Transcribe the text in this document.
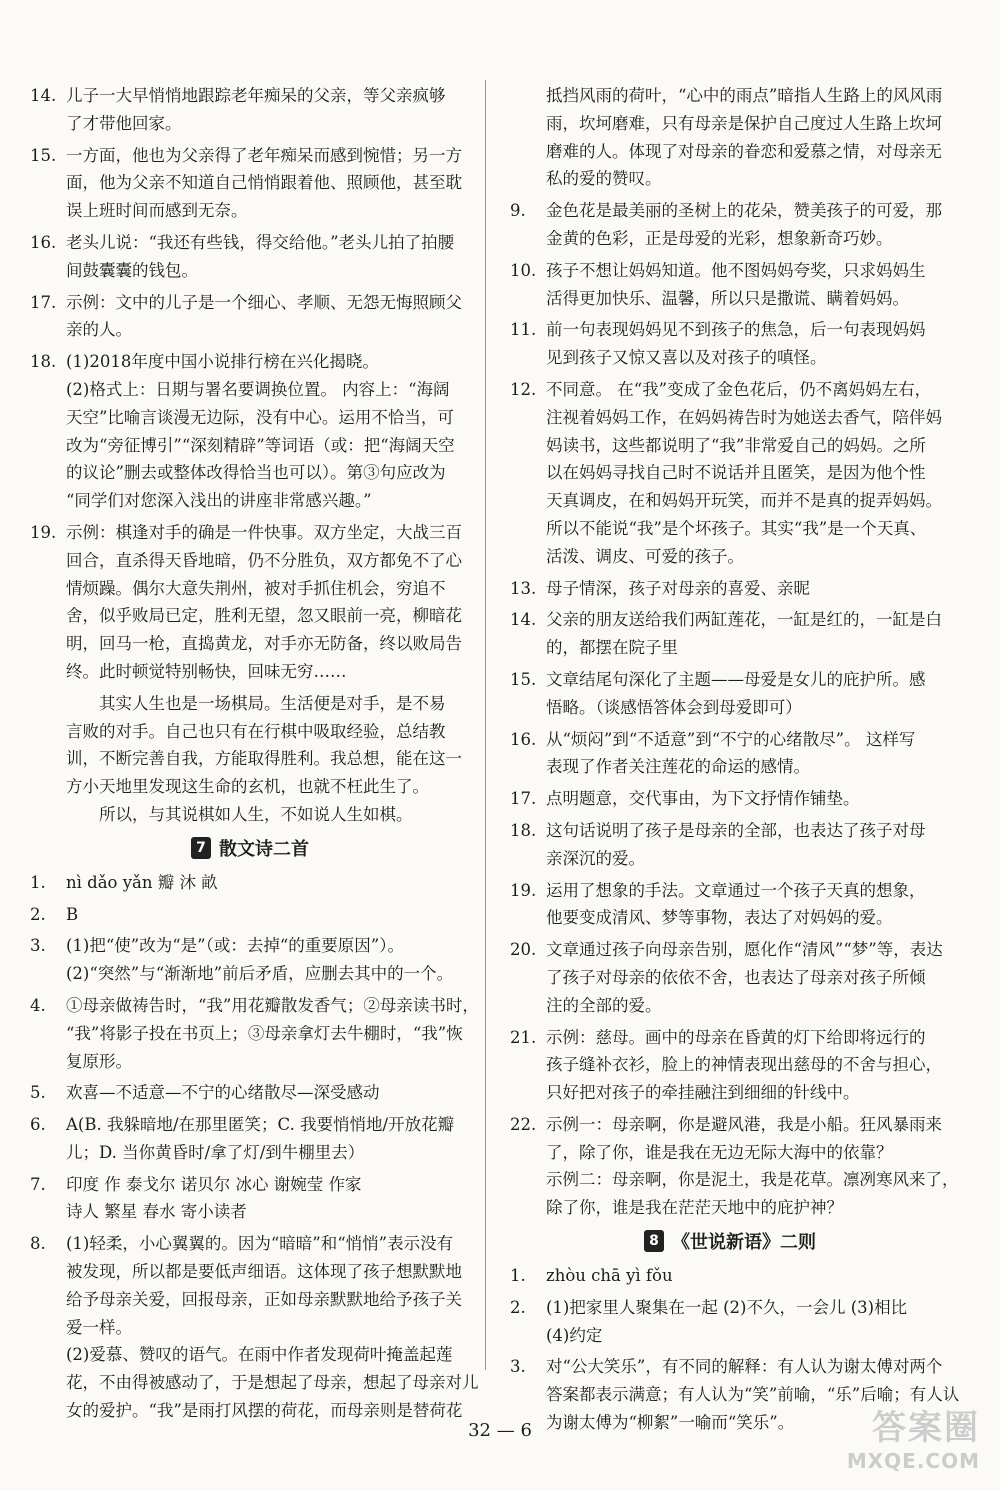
14. 儿子一大早悄悄地跟踪老年痴呆的父亲，等父亲疯够
了才带他回家。
15. 一方面，他也为父亲得了老年痴呆而感到惋惜；另一方
面，他为父亲不知道自己悄悄跟着他、照顾他，甚至耽
误上班时间而感到无奈。
16. 老头儿说：“我还有些钱，得交给他。”老头儿拍了拍腰
间鼓囊囊的钱包。
17. 示例：文中的儿子是一个细心、孝顺、无怨无悔照顾父
亲的人。
18. (1)2018年度中国小说排行榜在兴化揭晓。
(2)格式上：日期与署名要调换位置。 内容上：“海阔
天空”比喻言谈漫无边际，没有中心。运用不恰当，可
改为“旁征博引”“深刻精辟”等词语（或：把“海阔天空
的议论”删去或整体改得恰当也可以）。第③句应改为
“同学们对您深入浅出的讲座非常感兴趣。”
19. 示例：棋逢对手的确是一件快事。双方坐定，大战三百
回合，直杀得天昏地暗，仍不分胜负，双方都免不了心
情烦躁。偶尔大意失荆州，被对手抓住机会，穷追不
舍，似乎败局已定，胜利无望，忽又眼前一亮，柳暗花
明，回马一枪，直捣黄龙，对手亦无防备，终以败局告
终。此时顿觉特别畅快，回味无穷……
其实人生也是一场棋局。生活便是对手，是不易
言败的对手。自己也只有在行棋中吸取经验，总结教
训，不断完善自我，方能取得胜利。我总想，能在这一
方小天地里发现这生命的玄机，也就不枉此生了。
所以，与其说棋如人生，不如说人生如棋。
7 散文诗二首
1. nì dǎo yǎn 瓣 沐 畝
2. B
3. (1)把“使”改为“是”（或：去掉“的重要原因”）。
(2)“突然”与“渐渐地”前后矛盾，应删去其中的一个。
4. ①母亲做祷告时，“我”用花瓣散发香气；②母亲读书时，
“我”将影子投在书页上；③母亲拿灯去牛棚时，“我”恢
复原形。
5. 欢喜—不适意—不宁的心绪散尽—深受感动
6. A(B. 我躲暗地/在那里匿笑；C. 我要悄悄地/开放花瓣
儿；D. 当你黄昏时/拿了灯/到牛棚里去）
7. 印度 作 泰戈尔 诺贝尔 冰心 谢婉莹 作家
诗人 繁星 春水 寄小读者
8. (1)轻柔，小心翼翼的。因为“暗暗”和“悄悄”表示没有
被发现，所以都是要低声细语。这体现了孩子想默默地
给予母亲关爱，回报母亲，正如母亲默默地给予孩子关
爱一样。
(2)爱慕、赞叹的语气。在雨中作者发现荷叶掩盖起莲
花，不由得被感动了，于是想起了母亲，想起了母亲对儿
女的爱护。“我”是雨打风摆的荷花，而母亲则是替荷花
抵挡风雨的荷叶，“心中的雨点”暗指人生路上的风风雨
雨，坎坷磨难，只有母亲是保护自己度过人生路上坎坷
磨难的人。体现了对母亲的眷恋和爱慕之情，对母亲无
私的爱的赞叹。
9. 金色花是最美丽的圣树上的花朵，赞美孩子的可爱，那
金黄的色彩，正是母爱的光彩，想象新奇巧妙。
10. 孩子不想让妈妈知道。他不图妈妈夸奖，只求妈妈生
活得更加快乐、温馨，所以只是撒谎、瞒着妈妈。
11. 前一句表现妈妈见不到孩子的焦急，后一句表现妈妈
见到孩子又惊又喜以及对孩子的嗔怪。
12. 不同意。 在“我”变成了金色花后，仍不离妈妈左右，
注视着妈妈工作，在妈妈祷告时为她送去香气，陪伴妈
妈读书，这些都说明了“我”非常爱自己的妈妈。之所
以在妈妈寻找自己时不说话并且匿笑，是因为他个性
天真调皮，在和妈妈开玩笑，而并不是真的捉弄妈妈。
所以不能说“我”是个坏孩子。其实“我”是一个天真、
活泼、调皮、可爱的孩子。
13. 母子情深，孩子对母亲的喜爱、亲昵
14. 父亲的朋友送给我们两缸莲花，一缸是红的，一缸是白
的，都摆在院子里
15. 文章结尾句深化了主题——母爱是女儿的庇护所。感
悟略。（谈感悟答体会到母爱即可）
16. 从“烦闷”到“不适意”到“不宁的心绪散尽”。 这样写
表现了作者关注莲花的命运的感情。
17. 点明题意，交代事由，为下文抒情作铺垫。
18. 这句话说明了孩子是母亲的全部，也表达了孩子对母
亲深沉的爱。
19. 运用了想象的手法。文章通过一个孩子天真的想象，
他要变成清风、梦等事物，表达了对妈妈的爱。
20. 文章通过孩子向母亲告别，愿化作“清风”“梦”等，表达
了孩子对母亲的依依不舍，也表达了母亲对孩子所倾
注的全部的爱。
21. 示例：慈母。画中的母亲在昏黄的灯下给即将远行的
孩子缝补衣衫，脸上的神情表现出慈母的不舍与担心，
只好把对孩子的牵挂融注到细细的针线中。
22. 示例一：母亲啊，你是避风港，我是小船。狂风暴雨来
了，除了你，谁是我在无边无际大海中的依靠？
示例二：母亲啊，你是泥土，我是花草。凛冽寒风来了，
除了你，谁是我在茫茫天地中的庇护神？
8 《世说新语》二则
1. zhòu chā yì fǒu
2. (1)把家里人聚集在一起 (2)不久，一会儿 (3)相比
(4)约定
3. 对“公大笑乐”，有不同的解释：有人认为谢太傅对两个
答案都表示满意；有人认为“笑”前喻，“乐”后喻；有人认
为谢太傅为“柳絮”一喻而“笑乐”。
32 — 6	答案圈
MXQE.COM
